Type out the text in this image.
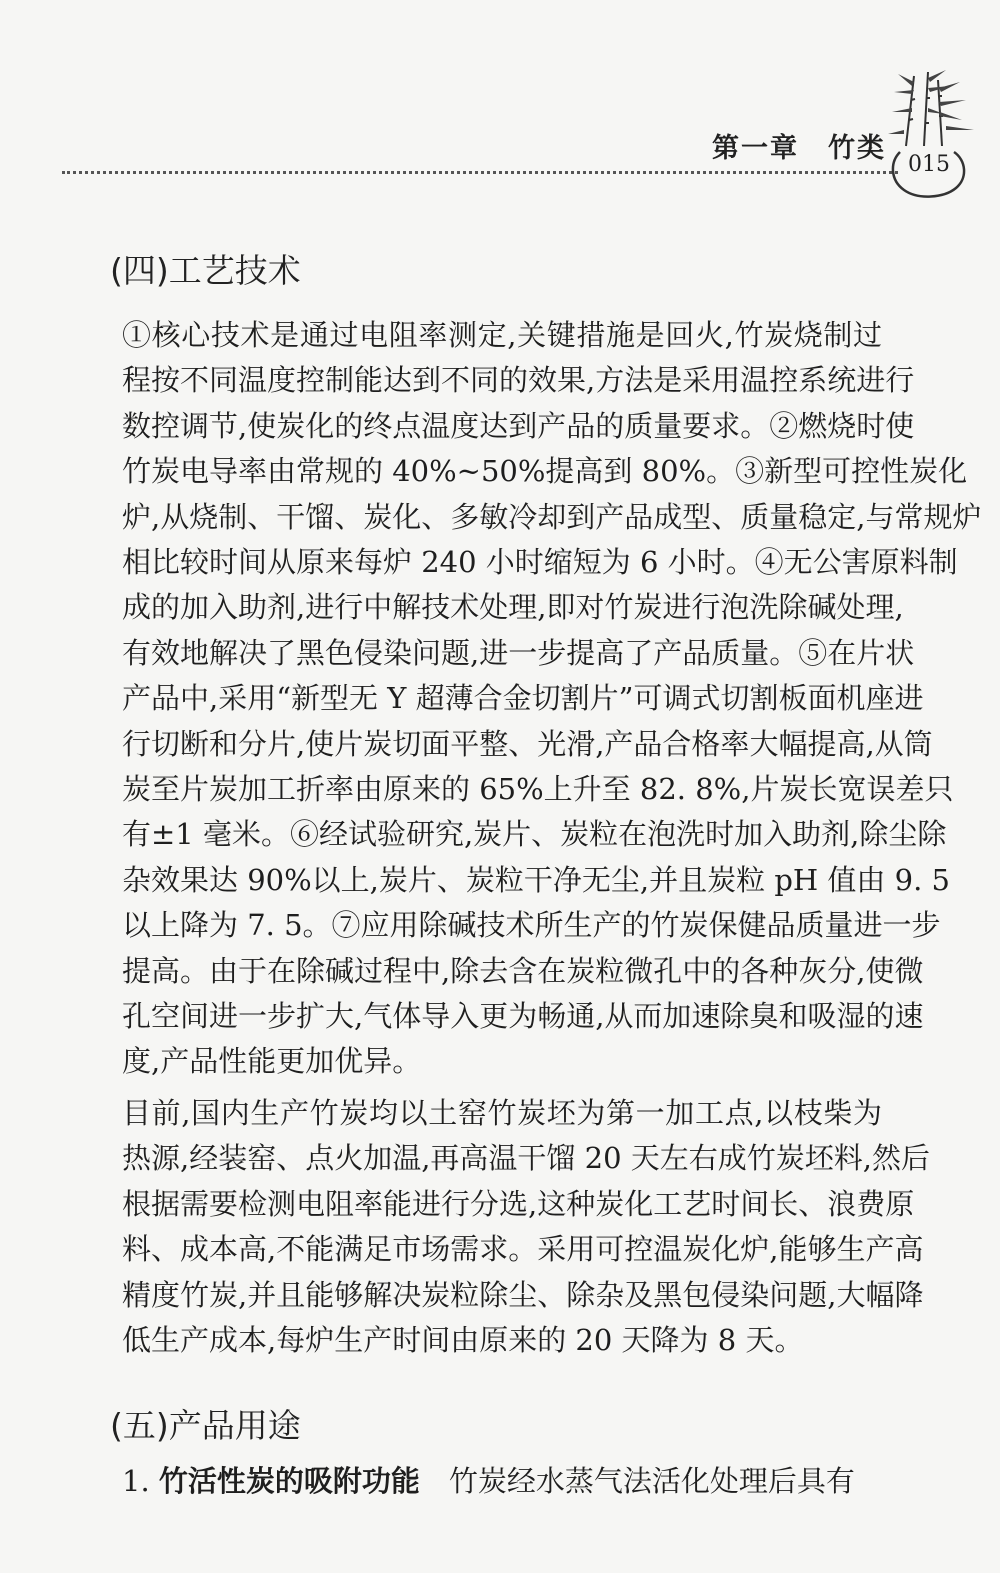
第一章　竹类
015
(四)工艺技术
①核心技术是通过电阻率测定,关键措施是回火,竹炭烧制过
程按不同温度控制能达到不同的效果,方法是采用温控系统进行
数控调节,使炭化的终点温度达到产品的质量要求。②燃烧时使
竹炭电导率由常规的 40%~50%提高到 80%。③新型可控性炭化
炉,从烧制、干馏、炭化、多敏冷却到产品成型、质量稳定,与常规炉
相比较时间从原来每炉 240 小时缩短为 6 小时。④无公害原料制
成的加入助剂,进行中解技术处理,即对竹炭进行泡洗除碱处理,
有效地解决了黑色侵染问题,进一步提高了产品质量。⑤在片状
产品中,采用“新型无 Y 超薄合金切割片”可调式切割板面机座进
行切断和分片,使片炭切面平整、光滑,产品合格率大幅提高,从筒
炭至片炭加工折率由原来的 65%上升至 82. 8%,片炭长宽误差只
有±1 毫米。⑥经试验研究,炭片、炭粒在泡洗时加入助剂,除尘除
杂效果达 90%以上,炭片、炭粒干净无尘,并且炭粒 pH 值由 9. 5
以上降为 7. 5。⑦应用除碱技术所生产的竹炭保健品质量进一步
提高。由于在除碱过程中,除去含在炭粒微孔中的各种灰分,使微
孔空间进一步扩大,气体导入更为畅通,从而加速除臭和吸湿的速
度,产品性能更加优异。
目前,国内生产竹炭均以土窑竹炭坯为第一加工点,以枝柴为
热源,经装窑、点火加温,再高温干馏 20 天左右成竹炭坯料,然后
根据需要检测电阻率能进行分选,这种炭化工艺时间长、浪费原
料、成本高,不能满足市场需求。采用可控温炭化炉,能够生产高
精度竹炭,并且能够解决炭粒除尘、除杂及黑包侵染问题,大幅降
低生产成本,每炉生产时间由原来的 20 天降为 8 天。
(五)产品用途
1. 竹活性炭的吸附功能　竹炭经水蒸气法活化处理后具有
